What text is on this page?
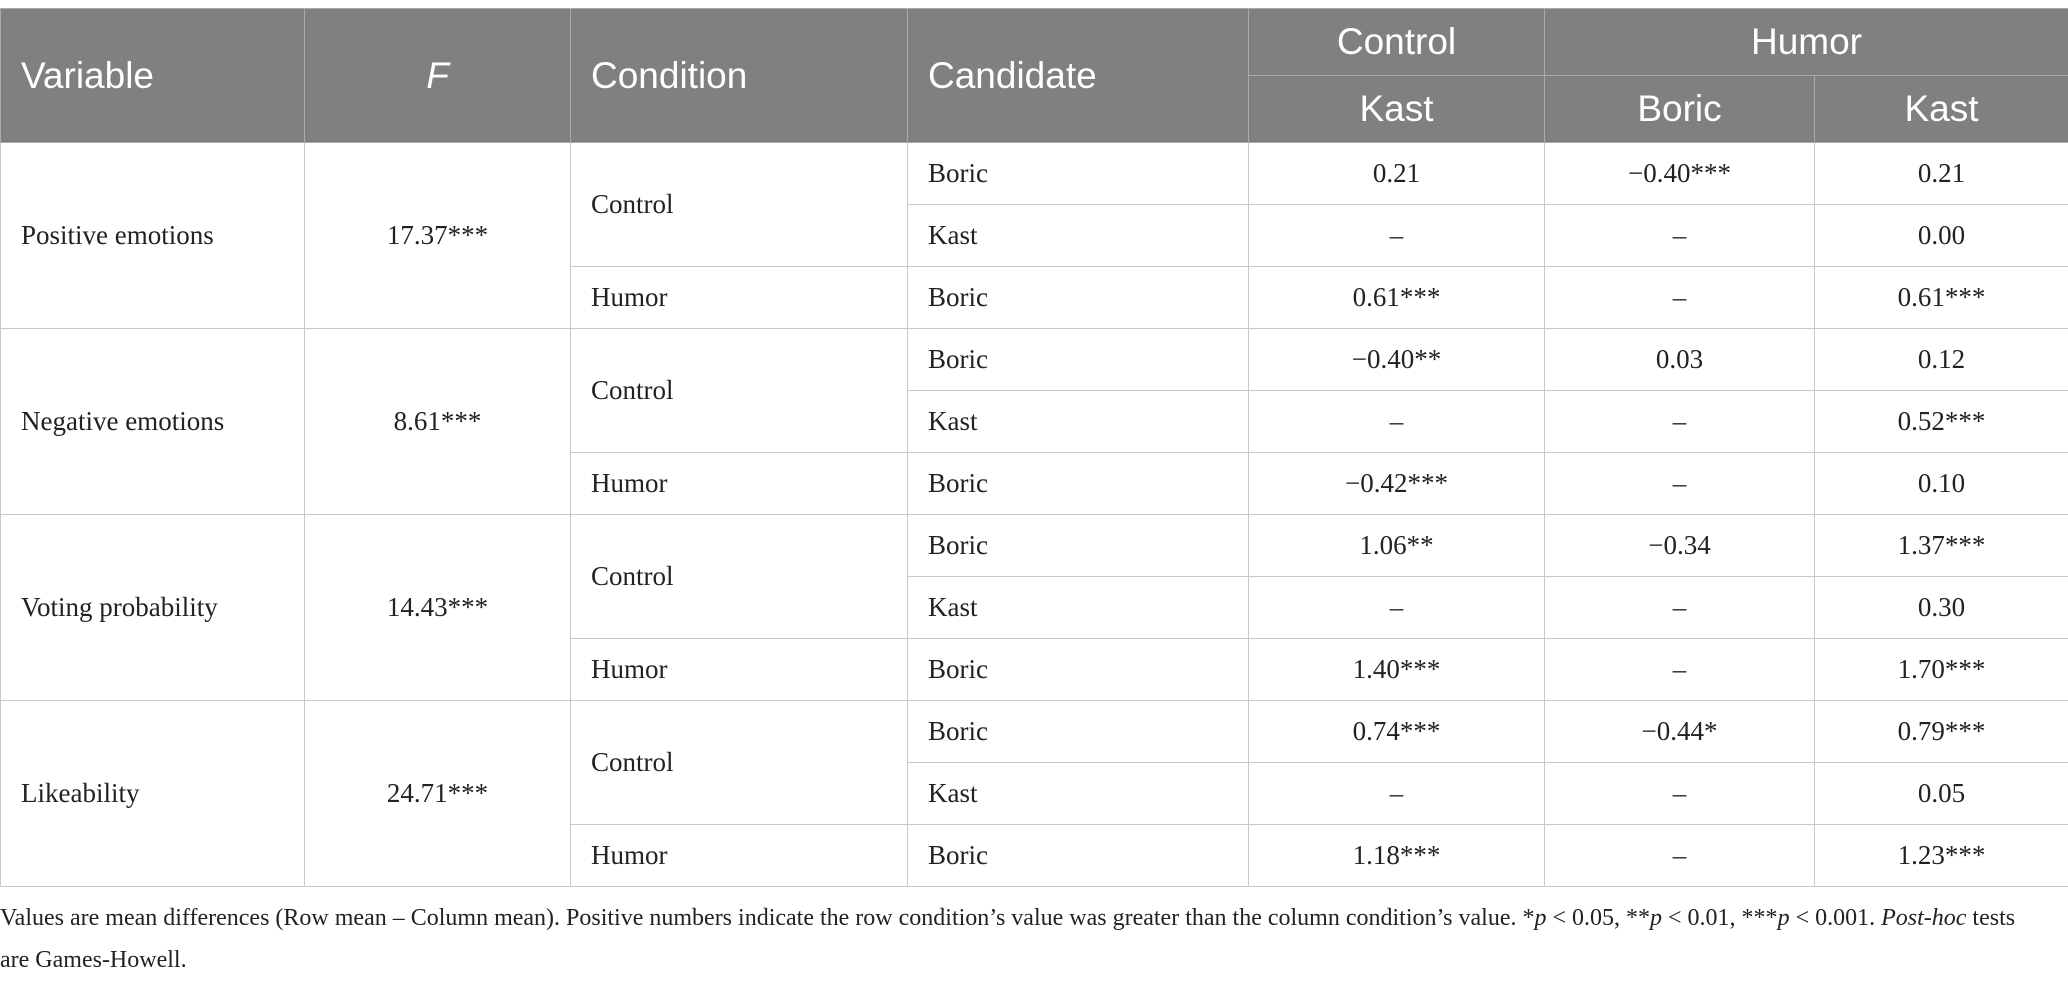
Variable	F	Condition	Candidate	Control	Humor	
				Kast	Boric	Kast
Positive emotions	17.37***	Control	Boric	0.21	−0.40***	0.21
			Kast	–	–	0.00
		Humor	Boric	0.61***	–	0.61***
Negative emotions	8.61***	Control	Boric	−0.40**	0.03	0.12
			Kast	–	–	0.52***
		Humor	Boric	−0.42***	–	0.10
Voting probability	14.43***	Control	Boric	1.06**	−0.34	1.37***
			Kast	–	–	0.30
		Humor	Boric	1.40***	–	1.70***
Likeability	24.71***	Control	Boric	0.74***	−0.44*	0.79***
			Kast	–	–	0.05
		Humor	Boric	1.18***	–	1.23***
Values are mean differences (Row mean – Column mean). Positive numbers indicate the row condition’s value was greater than the column condition’s value. *p < 0.05, **p < 0.01, ***p < 0.001. Post-hoc tests are Games-Howell.
